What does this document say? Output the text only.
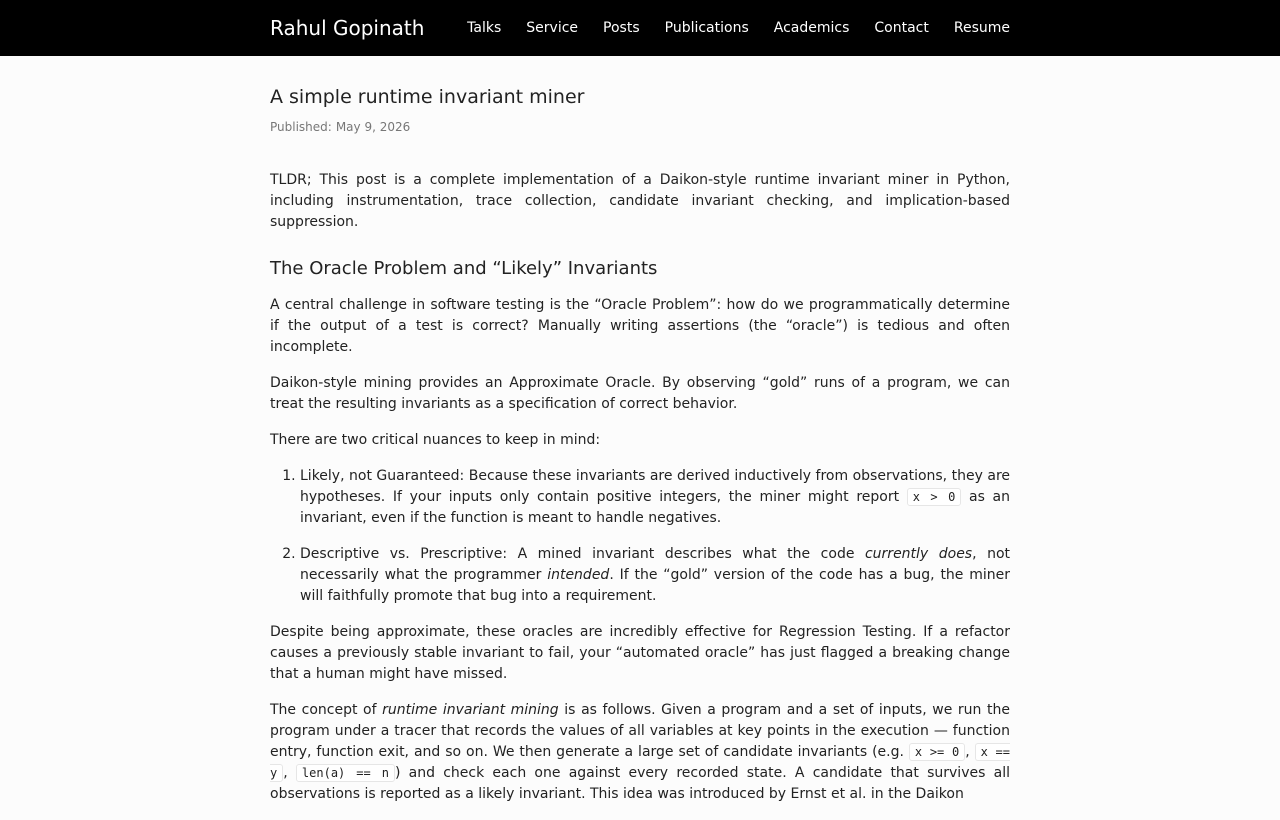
Rahul Gopinath	Talks Service Posts Publications Academics Contact Resume
A simple runtime invariant miner
Published: May 9, 2026

TLDR; This post is a complete implementation of a Daikon-style runtime invariant miner in Python, including instrumentation, trace collection, candidate invariant checking, and implication-based suppression.

The Oracle Problem and “Likely” Invariants

A central challenge in software testing is the “Oracle Problem”: how do we programmatically determine if the output of a test is correct? Manually writing assertions (the “oracle”) is tedious and often incomplete.

Daikon-style mining provides an Approximate Oracle. By observing “gold” runs of a program, we can treat the resulting invariants as a specification of correct behavior.

There are two critical nuances to keep in mind:

1. Likely, not Guaranteed: Because these invariants are derived inductively from observations, they are hypotheses. If your inputs only contain positive integers, the miner might report x > 0 as an invariant, even if the function is meant to handle negatives.
2. Descriptive vs. Prescriptive: A mined invariant describes what the code currently does, not necessarily what the programmer intended. If the “gold” version of the code has a bug, the miner will faithfully promote that bug into a requirement.

Despite being approximate, these oracles are incredibly effective for Regression Testing. If a refactor causes a previously stable invariant to fail, your “automated oracle” has just flagged a breaking change that a human might have missed.

The concept of runtime invariant mining is as follows. Given a program and a set of inputs, we run the program under a tracer that records the values of all variables at key points in the execution — function entry, function exit, and so on. We then generate a large set of candidate invariants (e.g. x >= 0 , x == y , len(a) == n ) and check each one against every recorded state. A candidate that survives all observations is reported as a likely invariant. This idea was introduced by Ernst et al. in the Daikon
